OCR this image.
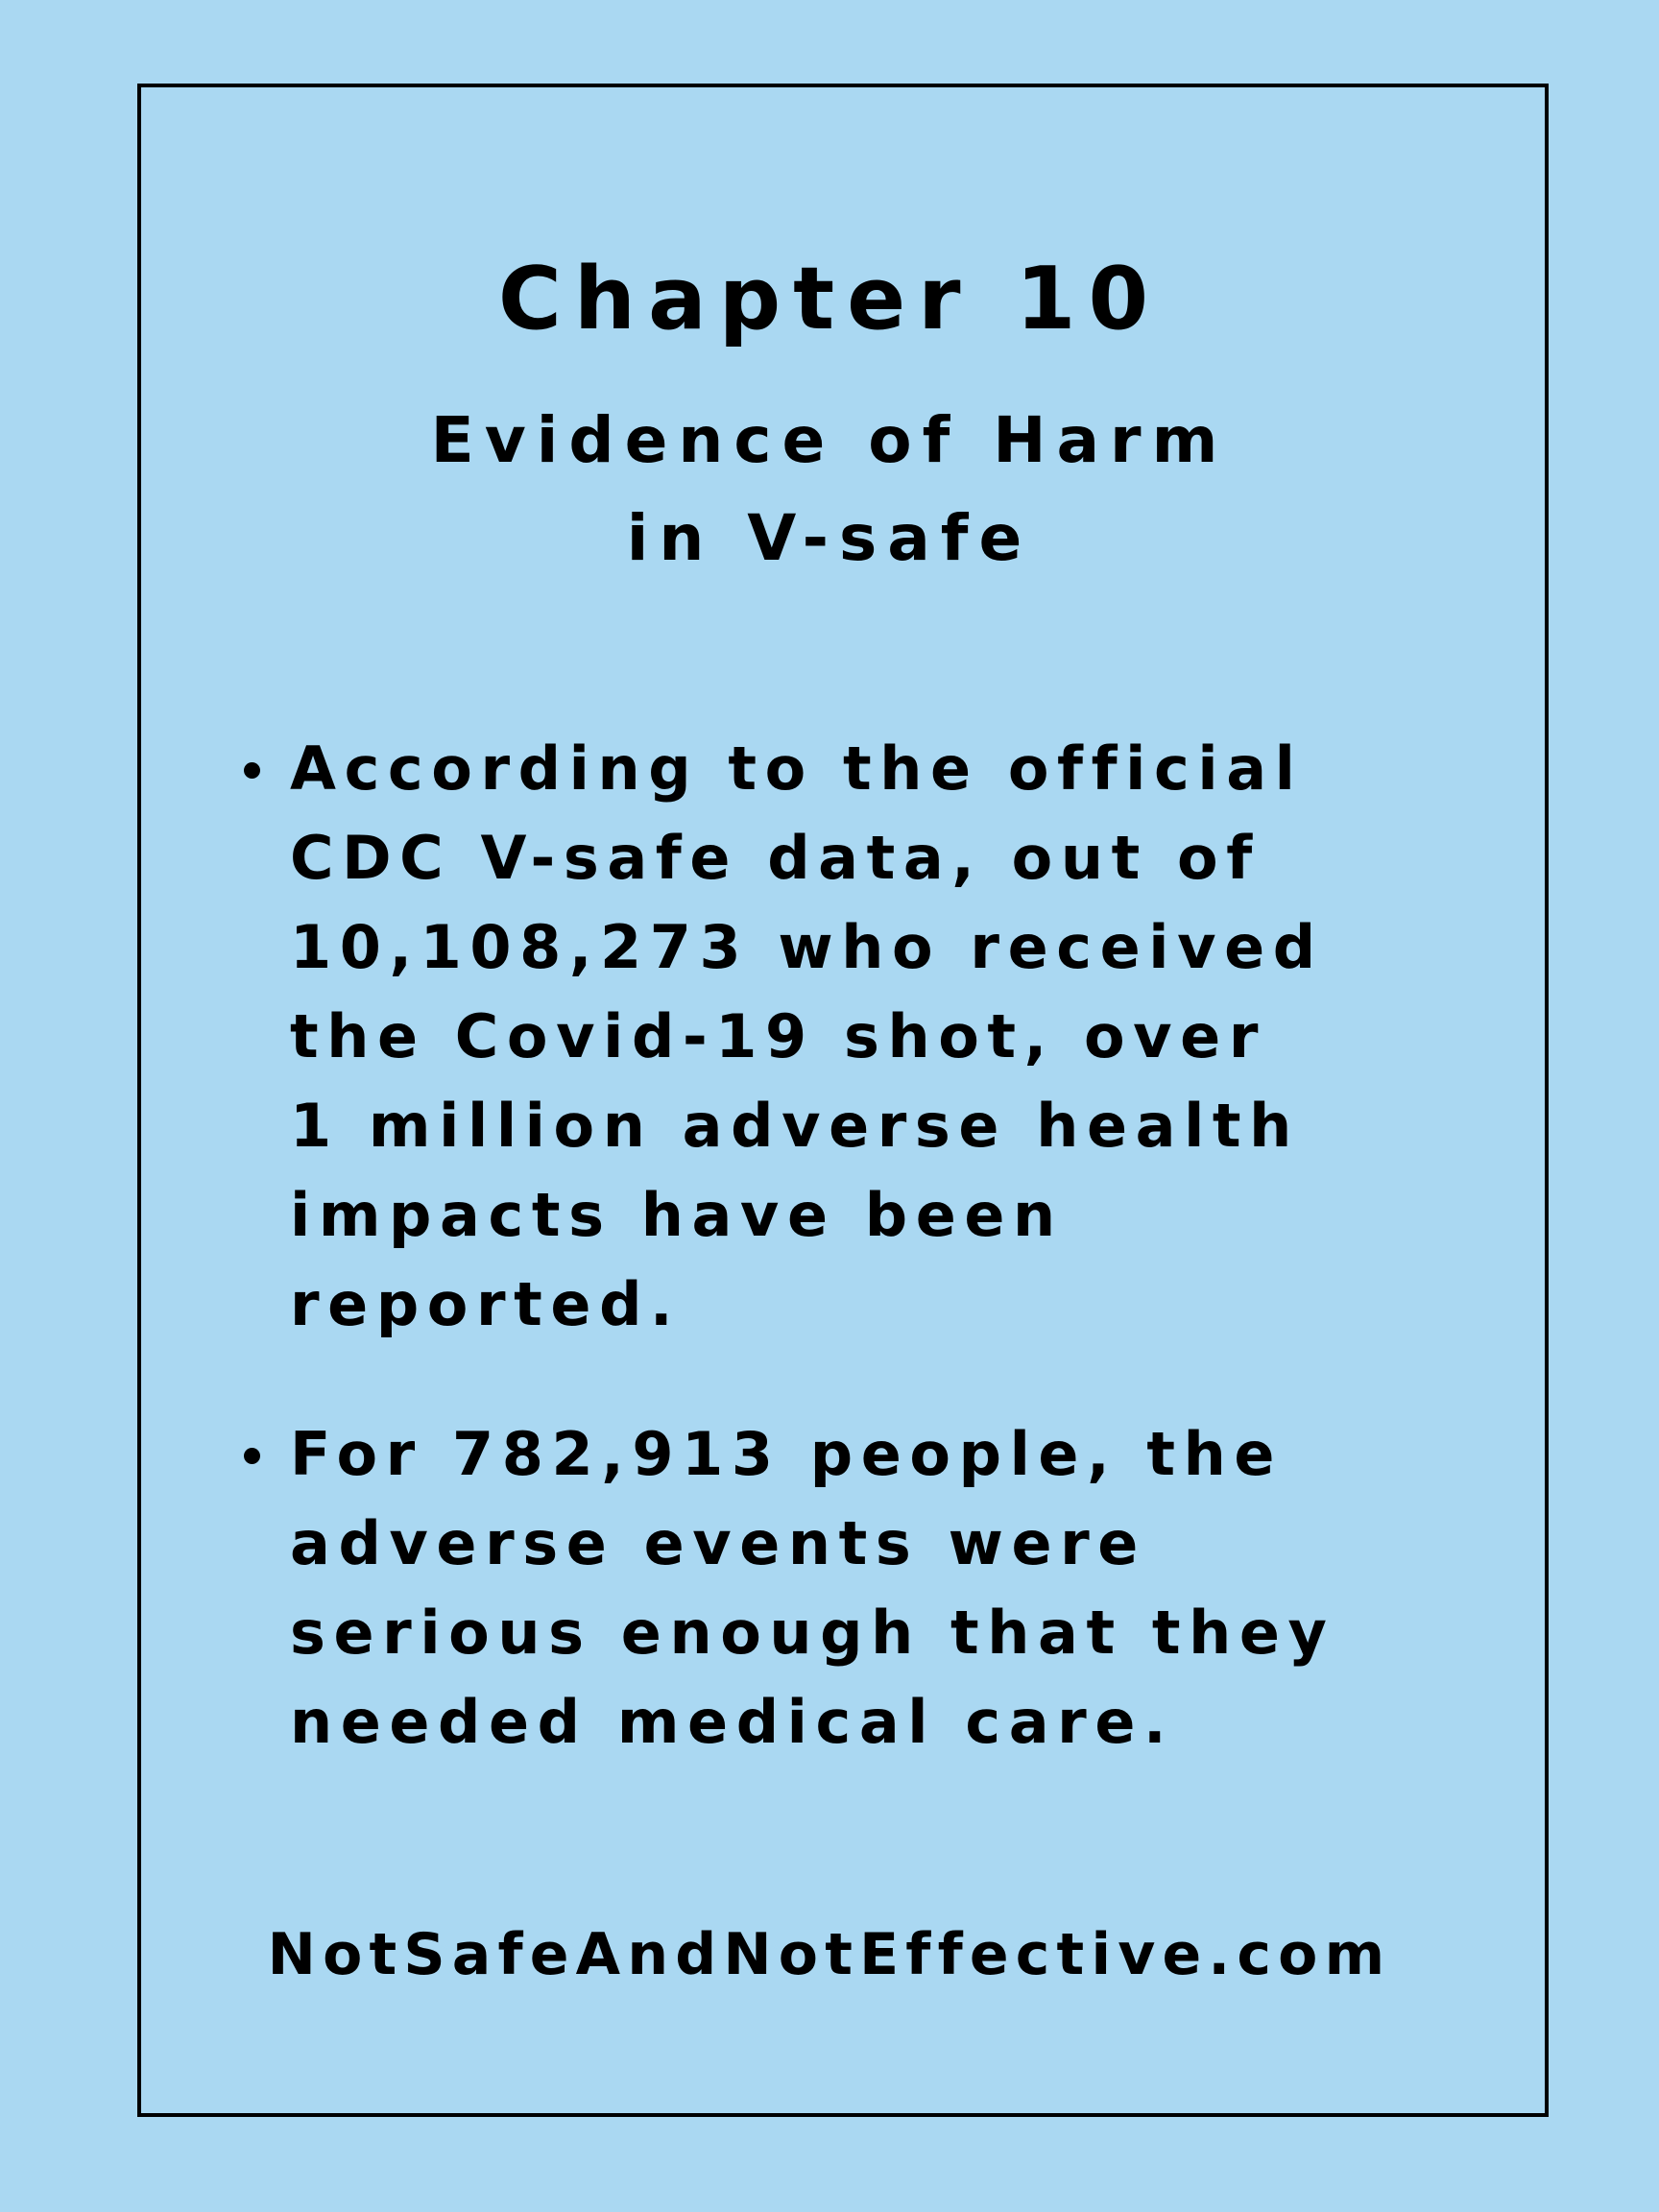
Chapter 10
Evidence of Harm
in V-safe
According to the official
CDC V-safe data, out of
10,108,273 who received
the Covid-19 shot, over
1 million adverse health
impacts have been
reported.
For 782,913 people, the
adverse events were
serious enough that they
needed medical care.

NotSafeAndNotEffective.com
